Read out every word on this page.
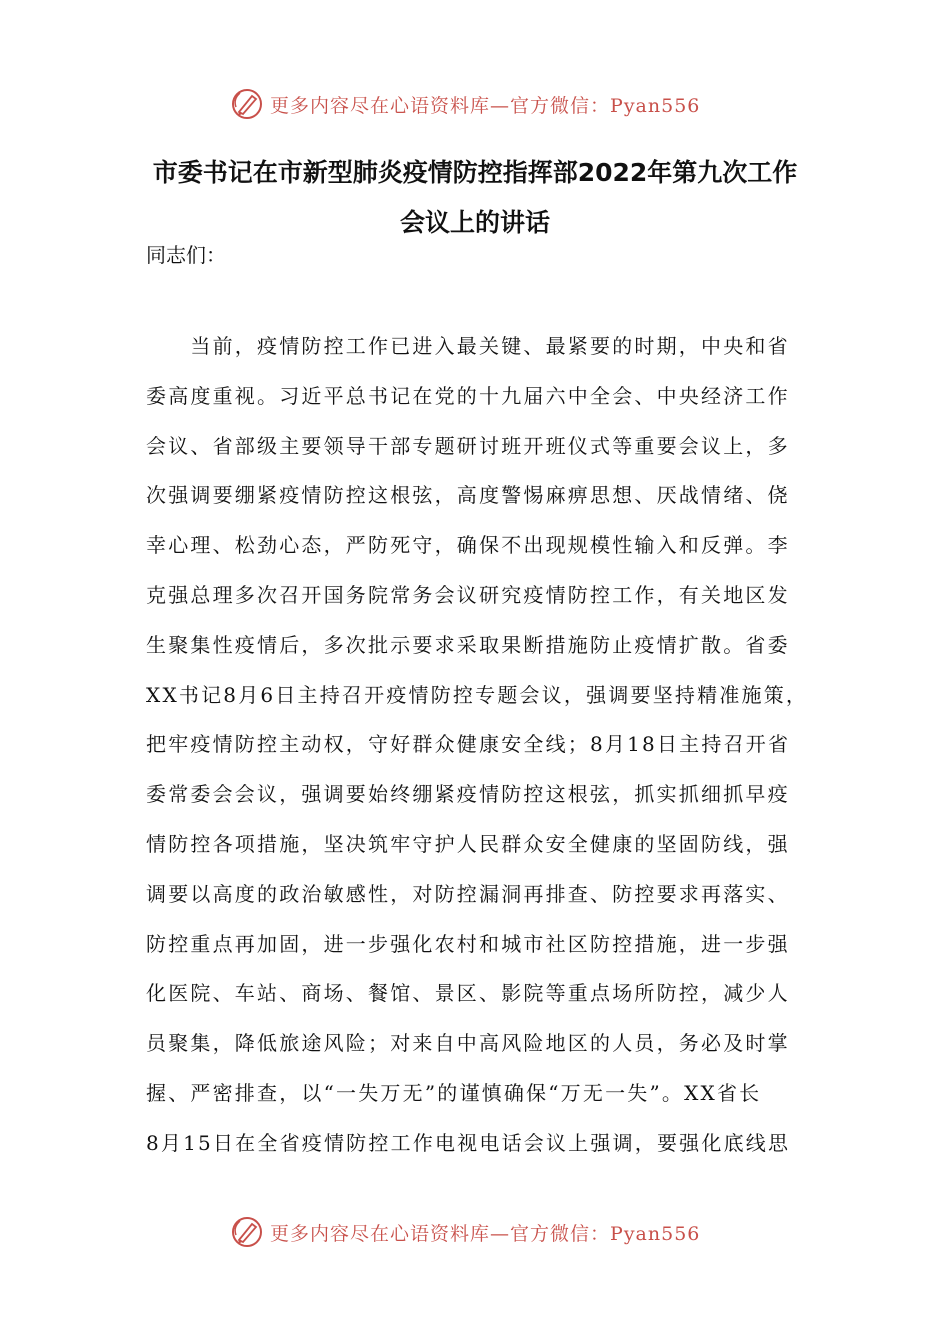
更多内容尽在心语资料库—官方微信：Pyan556
市委书记在市新型肺炎疫情防控指挥部2022年第九次工作
会议上的讲话
同志们：
　　当前，疫情防控工作已进入最关键、最紧要的时期，中央和省
委高度重视。习近平总书记在党的十九届六中全会、中央经济工作
会议、省部级主要领导干部专题研讨班开班仪式等重要会议上，多
次强调要绷紧疫情防控这根弦，高度警惕麻痹思想、厌战情绪、侥
幸心理、松劲心态，严防死守，确保不出现规模性输入和反弹。李
克强总理多次召开国务院常务会议研究疫情防控工作，有关地区发
生聚集性疫情后，多次批示要求采取果断措施防止疫情扩散。省委
XX书记8月6日主持召开疫情防控专题会议，强调要坚持精准施策，
把牢疫情防控主动权，守好群众健康安全线；8月18日主持召开省
委常委会会议，强调要始终绷紧疫情防控这根弦，抓实抓细抓早疫
情防控各项措施，坚决筑牢守护人民群众安全健康的坚固防线，强
调要以高度的政治敏感性，对防控漏洞再排查、防控要求再落实、
防控重点再加固，进一步强化农村和城市社区防控措施，进一步强
化医院、车站、商场、餐馆、景区、影院等重点场所防控，减少人
员聚集，降低旅途风险；对来自中高风险地区的人员，务必及时掌
握、严密排查，以“一失万无”的谨慎确保“万无一失”。XX省长
8月15日在全省疫情防控工作电视电话会议上强调，要强化底线思
更多内容尽在心语资料库—官方微信：Pyan556
